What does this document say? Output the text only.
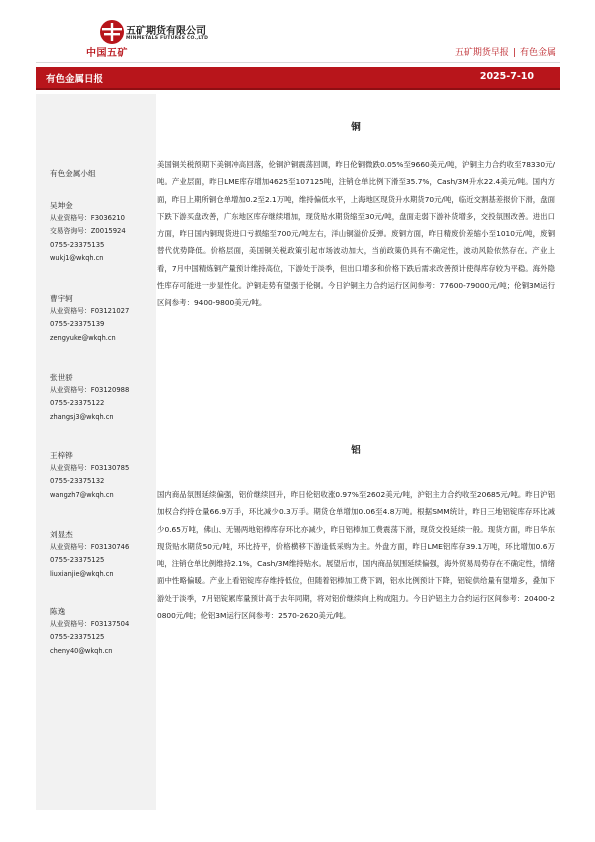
中国五矿
五矿期货有限公司
MINMETALS FUTURES CO.,LTD
五矿期货早报 | 有色金属
有色金属日报	2025-7-10
有色金属小组
吴坤金
从业资格号：F3036210
交易咨询号：Z0015924
0755-23375135
wukj1@wkqh.cn
曹宇轲
从业资格号：F03121027
0755-23375139
zengyuke@wkqh.cn
张世骄
从业资格号：F03120988
0755-23375122
zhangsj3@wkqh.cn
王梓铧
从业资格号：F03130785
0755-23375132
wangzh7@wkqh.cn
刘显杰
从业资格号：F03130746
0755-23375125
liuxianjie@wkqh.cn
陈逸
从业资格号：F03137504
0755-23375125
cheny40@wkqh.cn
铜
美国铜关税预期下美铜冲高回落，伦铜沪铜震荡回调，昨日伦铜微跌0.05%至9660美元/吨，沪铜主力合约收至78330元/吨。产业层面，昨日LME库存增加4625至107125吨，注销仓单比例下滑至35.7%，Cash/3M升水22.4美元/吨。国内方面，昨日上期所铜仓单增加0.2至2.1万吨，维持偏低水平，上海地区现货升水期货70元/吨，临近交割基差报价下滑，盘面下跌下游买盘改善，广东地区库存继续增加，现货贴水期货缩至30元/吨，盘面走弱下游补货增多，交投氛围改善。进出口方面，昨日国内铜现货进口亏损缩至700元/吨左右，洋山铜溢价反弹。废铜方面，昨日精废价差缩小至1010元/吨，废铜替代优势降低。价格层面，美国铜关税政策引起市场波动加大，当前政策仍具有不确定性，波动风险依然存在。产业上看，7月中国精炼铜产量预计维持高位，下游处于淡季，但出口增多和价格下跌后需求改善预计使得库存较为平稳。海外隐性库存可能进一步显性化。沪铜走势有望强于伦铜。今日沪铜主力合约运行区间参考：77600-79000元/吨；伦铜3M运行区间参考：9400-9800美元/吨。
铝
国内商品氛围延续偏强，铝价继续回升，昨日伦铝收涨0.97%至2602美元/吨，沪铝主力合约收至20685元/吨。昨日沪铝加权合约持仓量66.9万手，环比减少0.3万手。期货仓单增加0.06至4.8万吨。根据SMM统计，昨日三地铝锭库存环比减少0.65万吨，佛山、无锡两地铝棒库存环比亦减少，昨日铝棒加工费震荡下滑，现货交投延续一般。现货方面，昨日华东现货贴水期货50元/吨，环比持平，价格横移下游逢低采购为主。外盘方面，昨日LME铝库存39.1万吨，环比增加0.6万吨，注销仓单比例维持2.1%，Cash/3M维持贴水。展望后市，国内商品氛围延续偏强，海外贸易局势存在不确定性，情绪面中性略偏暖。产业上看铝锭库存维持低位，但随着铝棒加工费下调，铝水比例预计下降，铝锭供给量有望增多，叠加下游处于淡季，7月铝锭累库量预计高于去年同期，将对铝价继续向上构成阻力。今日沪铝主力合约运行区间参考：20400-20800元/吨；伦铝3M运行区间参考：2570-2620美元/吨。
